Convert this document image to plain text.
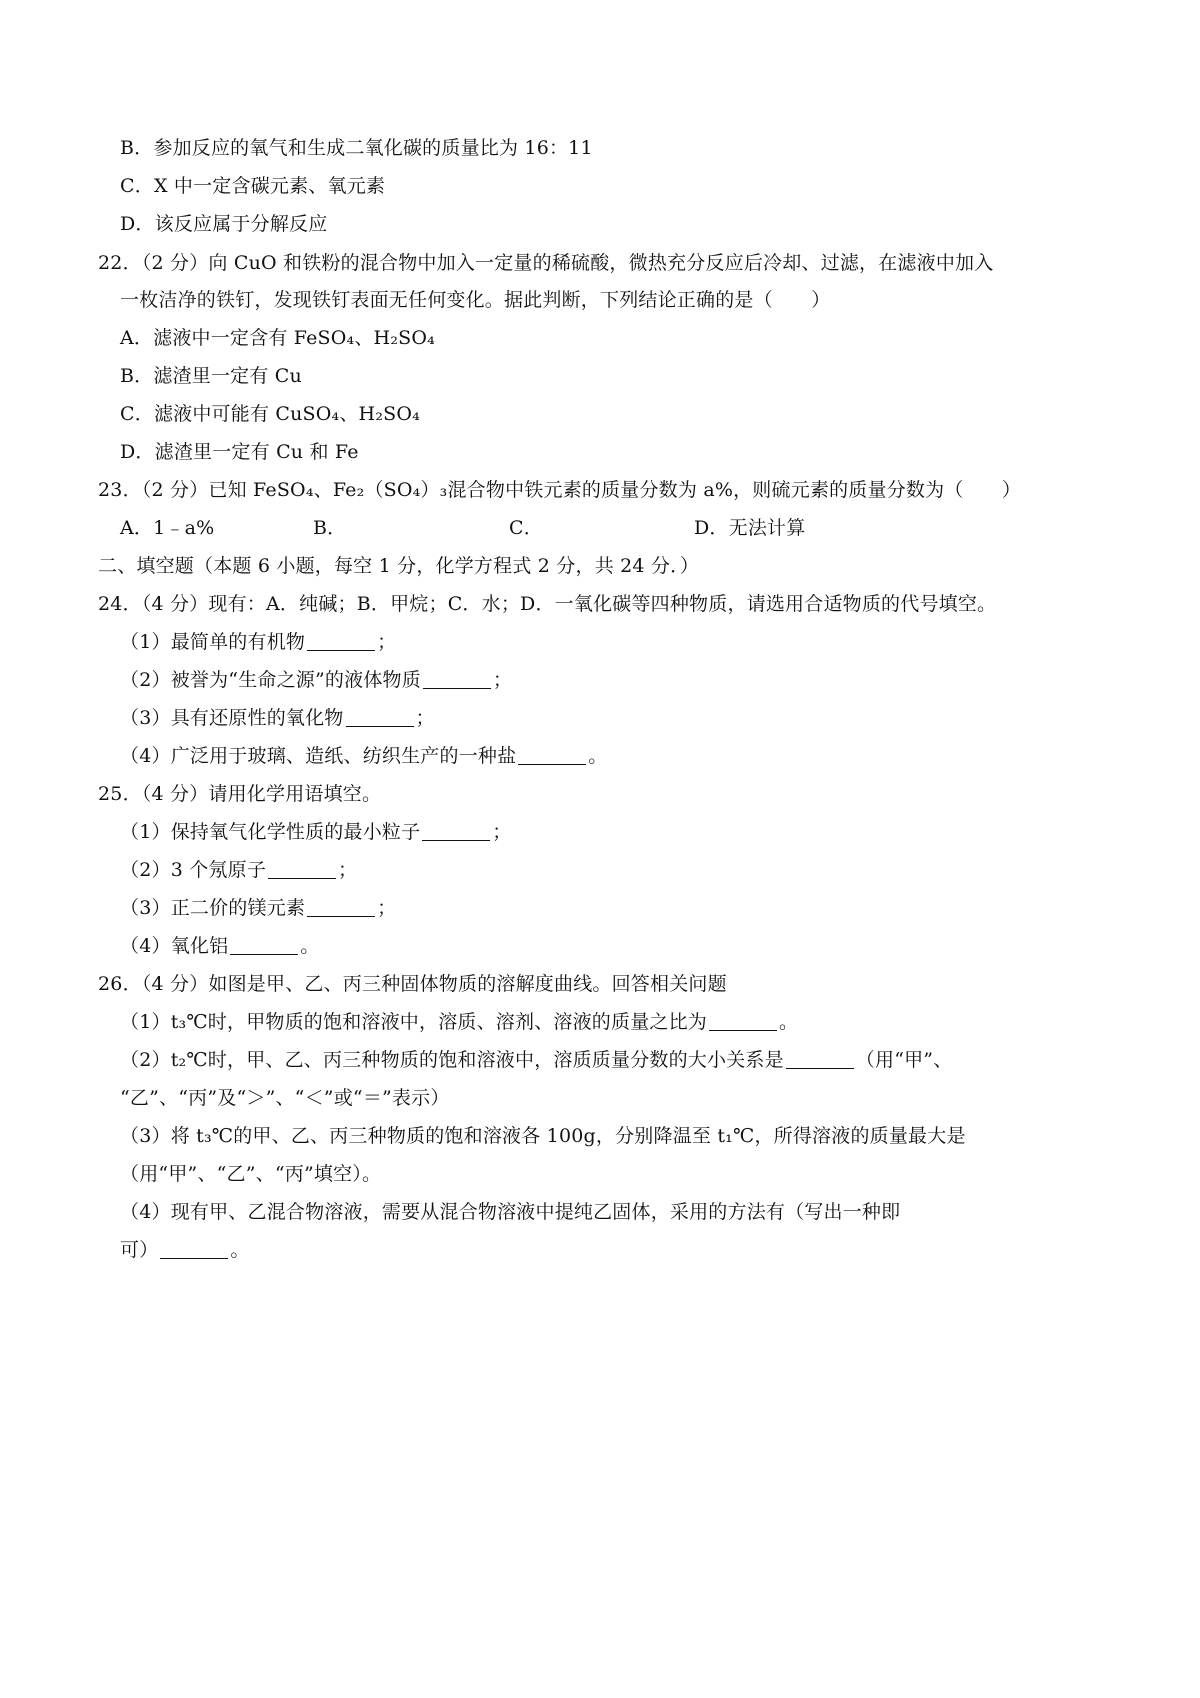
B．参加反应的氧气和生成二氧化碳的质量比为 16：11
C．X 中一定含碳元素、氧元素
D．该反应属于分解反应
22．（2 分）向 CuO 和铁粉的混合物中加入一定量的稀硫酸，微热充分反应后冷却、过滤，在滤液中加入
一枚洁净的铁钉，发现铁钉表面无任何变化。据此判断，下列结论正确的是（　　）
A．滤液中一定含有 FeSO₄、H₂SO₄
B．滤渣里一定有 Cu
C．滤液中可能有 CuSO₄、H₂SO₄
D．滤渣里一定有 Cu 和 Fe
23．（2 分）已知 FeSO₄、Fe₂（SO₄）₃混合物中铁元素的质量分数为 a%，则硫元素的质量分数为（　　）
A．1﹣a%	B．	C．	D．无法计算
二、填空题（本题 6 小题，每空 1 分，化学方程式 2 分，共 24 分．）
24．（4 分）现有：A．纯碱；B．甲烷；C．水；D．一氧化碳等四种物质，请选用合适物质的代号填空。
（1）最简单的有机物	；
（2）被誉为“生命之源”的液体物质	；
（3）具有还原性的氧化物	；
（4）广泛用于玻璃、造纸、纺织生产的一种盐	。
25．（4 分）请用化学用语填空。
（1）保持氧气化学性质的最小粒子	；
（2）3 个氖原子	；
（3）正二价的镁元素	；
（4）氧化铝	。
26．（4 分）如图是甲、乙、丙三种固体物质的溶解度曲线。回答相关问题
（1）t₃℃时，甲物质的饱和溶液中，溶质、溶剂、溶液的质量之比为	。
（2）t₂℃时，甲、乙、丙三种物质的饱和溶液中，溶质质量分数的大小关系是	（用“甲”、
“乙”、“丙”及“＞”、“＜”或“＝”表示）
（3）将 t₃℃的甲、乙、丙三种物质的饱和溶液各 100g，分别降温至 t₁℃，所得溶液的质量最大是
（用“甲”、“乙”、“丙”填空）。
（4）现有甲、乙混合物溶液，需要从混合物溶液中提纯乙固体，采用的方法有（写出一种即
可）	。
